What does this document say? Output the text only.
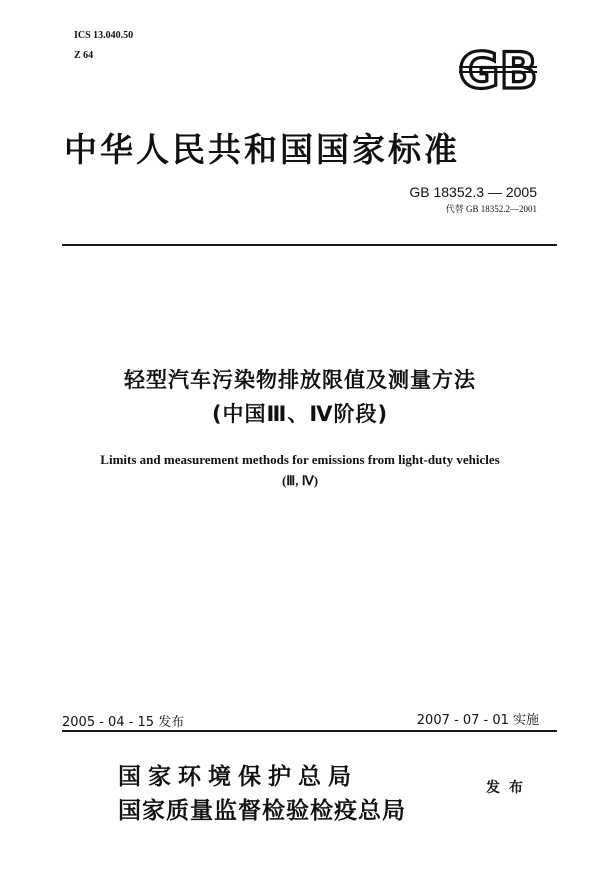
ICS 13.040.50
Z 64	GB
中华人民共和国国家标准
GB 18352.3 — 2005
代替 GB 18352.2—2001
轻型汽车污染物排放限值及测量方法
(中国Ⅲ、Ⅳ阶段)
Limits and measurement methods for emissions from light-duty vehicles
(Ⅲ, Ⅳ)
2005 - 04 - 15 发布	2007 - 07 - 01 实施
国家环境保护总局
国家质量监督检验检疫总局
发 布
